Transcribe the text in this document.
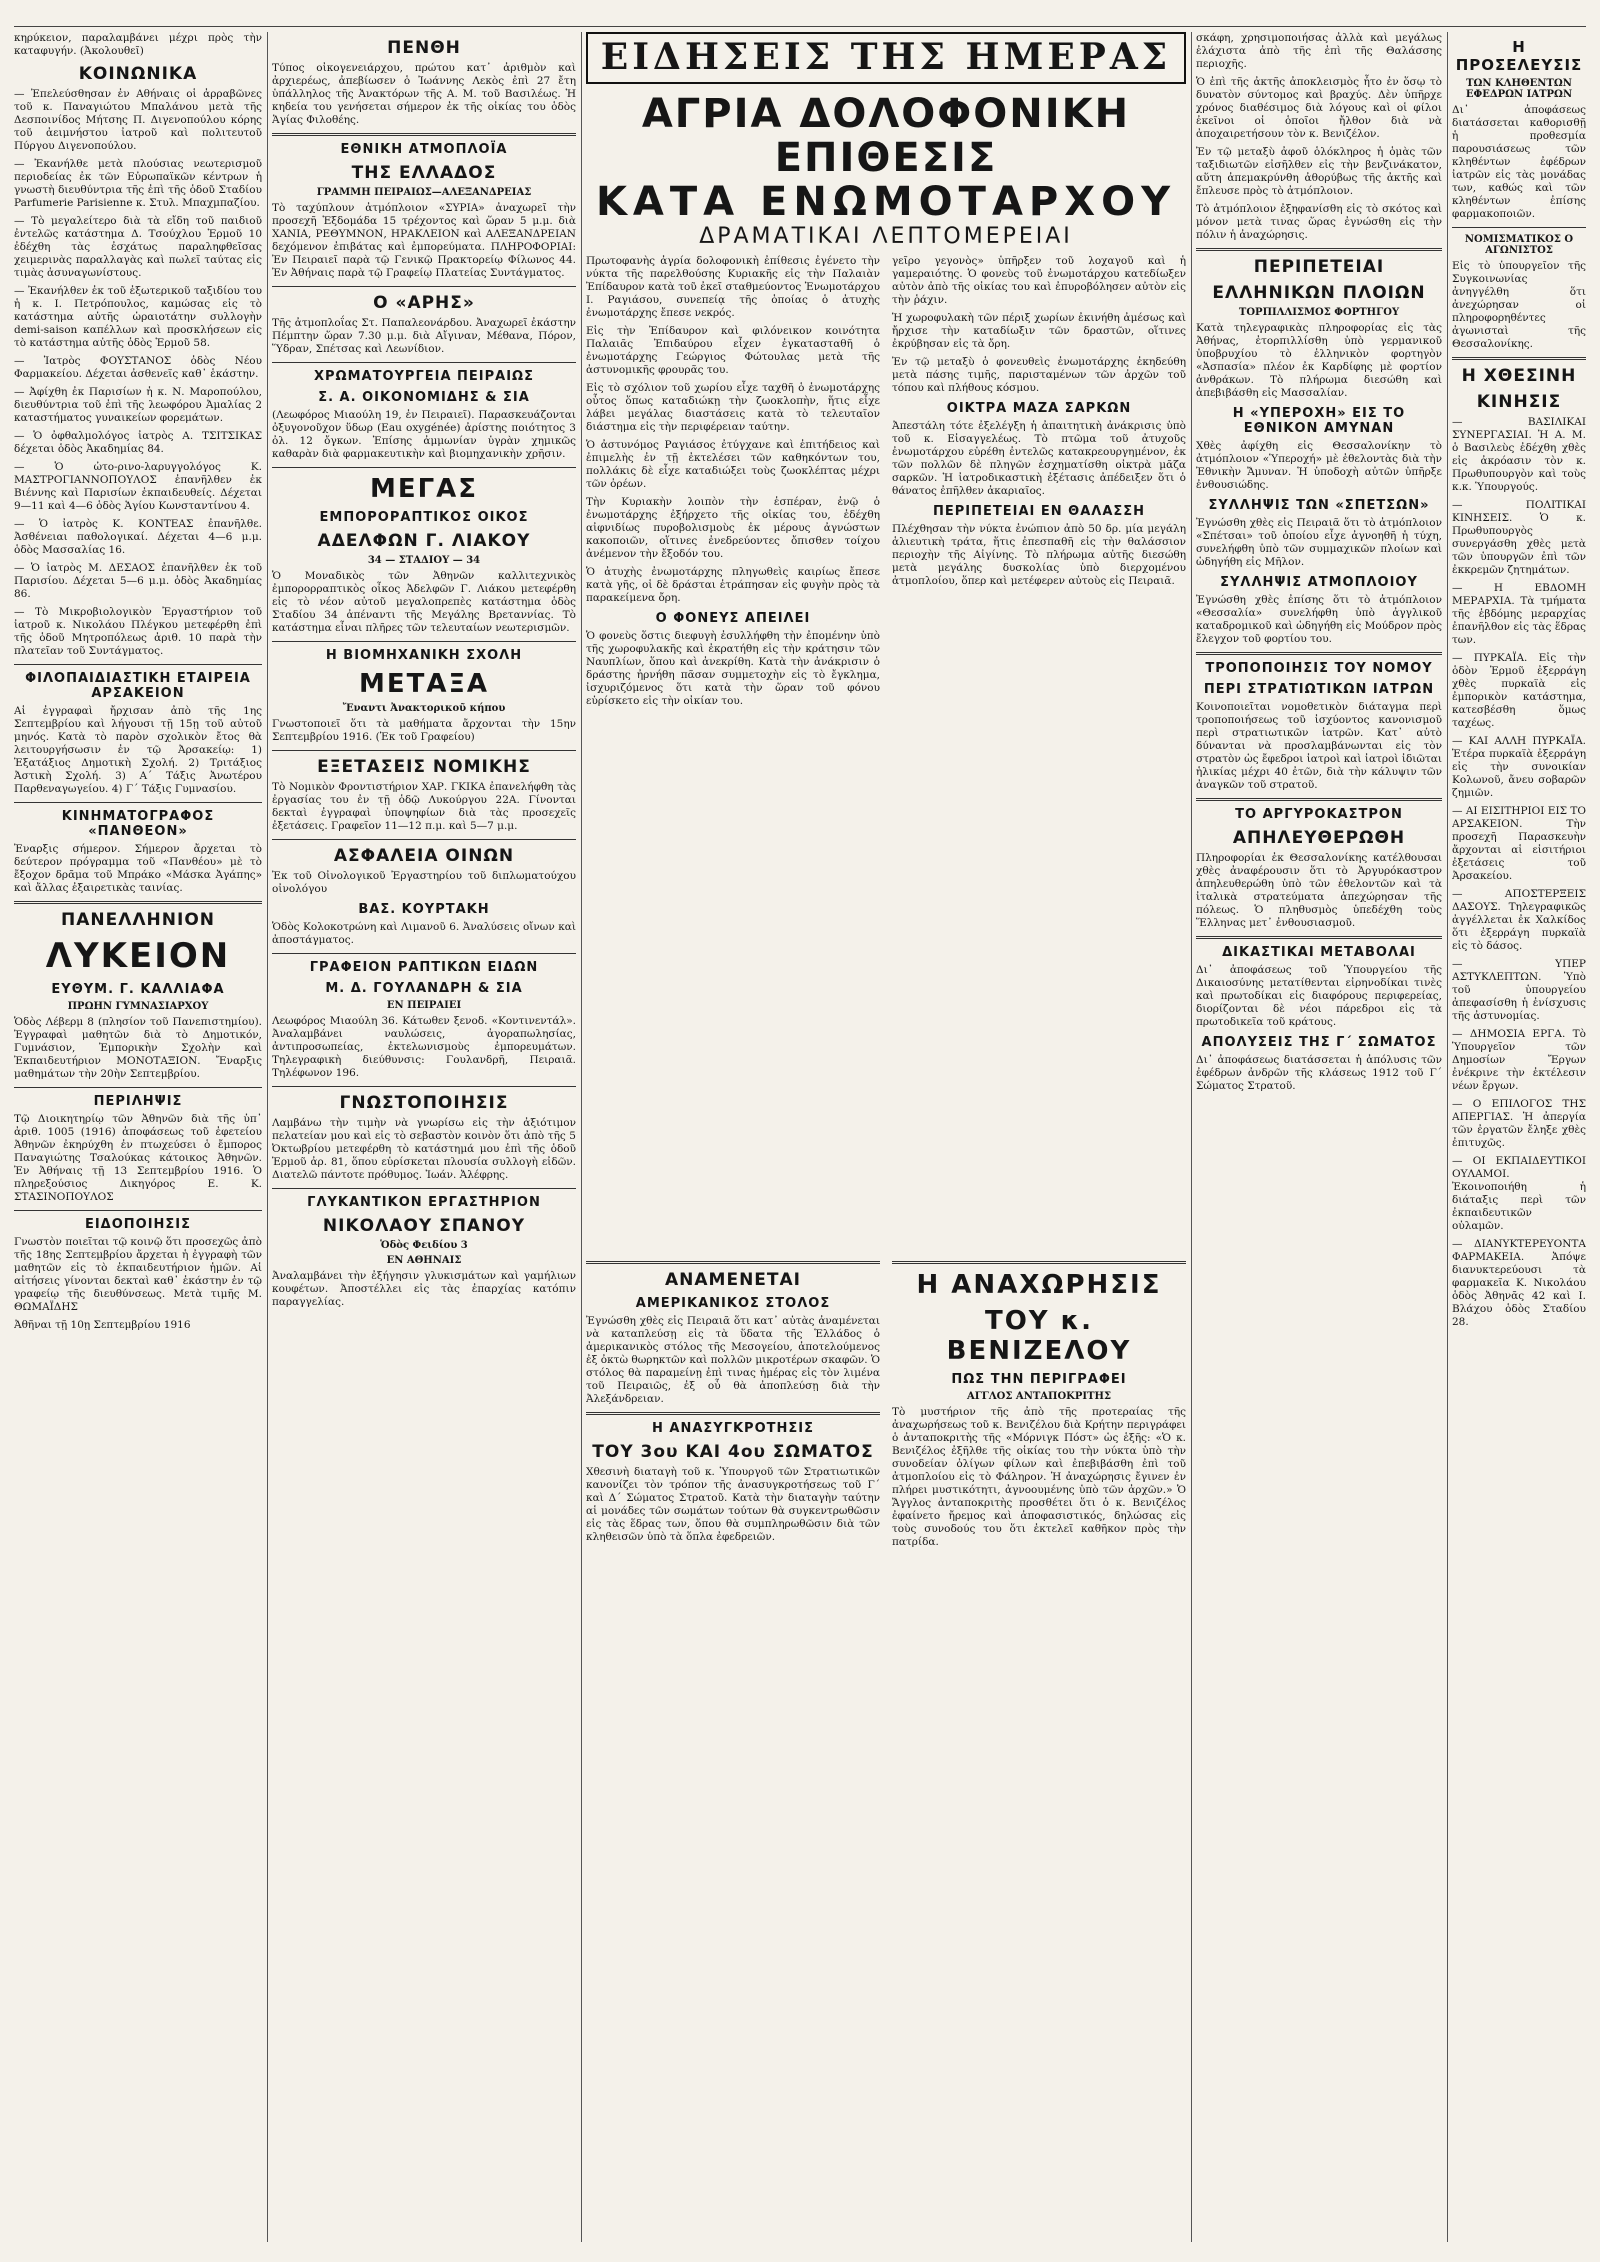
κηρύκειον, παραλαμβάνει μέχρι πρὸς τὴν καταφυγήν. (Ἀκολουθεῖ)

ΚΟΙΝΩΝΙΚΑ

— Ἐπελεύσθησαν ἐν Αθήναις οἱ ἀρραβῶνες τοῦ κ. Παναγιώτου Μπαλάνου μετὰ τῆς Δεσποινίδος Μήτσης Π. Διγενοπούλου κόρης τοῦ ἀειμνήστου ἰατροῦ καὶ πολιτευτοῦ Πύργου Διγενοπούλου.

— Ἐκανήλθε μετὰ πλούσιας νεωτερισμοῦ περιοδείας ἐκ τῶν Εὐρωπαϊκῶν κέντρων ἡ γνωστὴ διευθύντρια τῆς ἐπὶ τῆς ὁδοῦ Σταδίου Parfumerie Parisienne κ. Στυλ. Μπαχμπαζίου.

— Τὸ μεγαλείτερο διὰ τὰ εἴδη τοῦ παιδιοῦ ἐντελῶς κατάστημα Δ. Τσούχλου Ἑρμοῦ 10 ἐδέχθη τὰς ἐσχάτως παραληφθεῖσας χειμερινὰς παραλλαγὰς καὶ πωλεῖ ταύτας εἰς τιμὰς ἀσυναγωνίστους.

— Ἐκανήλθεν ἐκ τοῦ ἐξωτερικοῦ ταξιδίου του ἡ κ. Ι. Πετρόπουλος, καμώσας εἰς τὸ κατάστημα αὐτῆς ὡραιοτάτην συλλογὴν demi-saison καπέλλων καὶ προσκλήσεων εἰς τὸ κατάστημα αὐτῆς ὁδὸς Ἑρμοῦ 58.

— Ἰατρὸς ΦΟΥΣΤΑΝΟΣ ὁδὸς Νέου Φαρμακείου. Δέχεται ἀσθενεῖς καθ᾽ ἑκάστην.

— Ἀφίχθη ἐκ Παρισίων ἡ κ. Ν. Μαροπούλου, διευθύντρια τοῦ ἐπὶ τῆς λεωφόρου Ἀμαλίας 2 καταστήματος γυναικείων φορεμάτων.

— Ὁ ὀφθαλμολόγος ἰατρὸς Α. ΤΣΙΤΣΙΚΑΣ δέχεται ὁδὸς Ἀκαδημίας 84.

— Ὁ ὠτο-ρινο-λαρυγγολόγος Κ. ΜΑΣΤΡΟΓΙΑΝΝΟΠΟΥΛΟΣ ἐπανῆλθεν ἐκ Βιέννης καὶ Παρισίων ἐκπαιδευθείς. Δέχεται 9—11 καὶ 4—6 ὁδὸς Ἁγίου Κωνσταντίνου 4.

— Ὁ ἰατρὸς Κ. ΚΟΝΤΕΑΣ ἐπανῆλθε. Ἀσθένειαι παθολογικαί. Δέχεται 4—6 μ.μ. ὁδὸς Μασσαλίας 16.

— Ὁ ἰατρὸς Μ. ΔΕΣΑΟΣ ἐπανῆλθεν ἐκ τοῦ Παρισίου. Δέχεται 5—6 μ.μ. ὁδὸς Ἀκαδημίας 86.

— Τὸ Μικροβιολογικὸν Ἐργαστήριον τοῦ ἰατροῦ κ. Νικολάου Πλέγκου μετεφέρθη ἐπὶ τῆς ὁδοῦ Μητροπόλεως ἀριθ. 10 παρὰ τὴν πλατεῖαν τοῦ Συντάγματος.

ΦΙΛΟΠΑΙΔΙΑΣΤΙΚΗ ΕΤΑΙΡΕΙΑ ΑΡΣΑΚΕΙΟΝ

Αἱ ἐγγραφαὶ ἤρχισαν ἀπὸ τῆς 1ης Σεπτεμβρίου καὶ λήγουσι τῇ 15ῃ τοῦ αὐτοῦ μηνός. Κατὰ τὸ παρὸν σχολικὸν ἔτος θὰ λειτουργήσωσιν ἐν τῷ Ἀρσακείῳ: 1) Ἑξατάξιος Δημοτικὴ Σχολή. 2) Τριτάξιος Ἀστικὴ Σχολή. 3) Α΄ Τάξις Ἀνωτέρου Παρθεναγωγείου. 4) Γ΄ Τάξις Γυμνασίου.

ΚΙΝΗΜΑΤΟΓΡΑΦΟΣ «ΠΑΝΘΕΟΝ»

Ἐναρξις σήμερον. Σήμερον ἄρχεται τὸ δεύτερον πρόγραμμα τοῦ «Πανθέου» μὲ τὸ ἔξοχον δρᾶμα τοῦ Μπράκο «Μάσκα Ἀγάπης» καὶ ἄλλας ἐξαιρετικὰς ταινίας.

ΠΑΝΕΛΛΗΝΙΟΝ
ΛΥΚΕΙΟΝ
ΕΥΘΥΜ. Γ. ΚΑΛΛΙΑΦΑ
ΠΡΩΗΝ ΓΥΜΝΑΣΙΑΡΧΟΥ

Ὁδὸς Λέβερμ 8 (πλησίον τοῦ Πανεπιστημίου). Ἐγγραφαὶ μαθητῶν διὰ τὸ Δημοτικόν, Γυμνάσιον, Ἐμπορικὴν Σχολὴν καὶ Ἐκπαιδευτήριον ΜΟΝΟΤΑΞΙΟΝ. Ἔναρξις μαθημάτων τὴν 20ὴν Σεπτεμβρίου.

ΠΕΡΙΛΗΨΙΣ

Τῷ Διοικητηρίῳ τῶν Ἀθηνῶν διὰ τῆς ὑπ᾽ ἀριθ. 1005 (1916) ἀποφάσεως τοῦ ἐφετείου Ἀθηνῶν ἐκηρύχθη ἐν πτωχεύσει ὁ ἔμπορος Παναγιώτης Τσαλούκας κάτοικος Ἀθηνῶν. Ἐν Ἀθήναις τῇ 13 Σεπτεμβρίου 1916. Ὁ πληρεξούσιος Δικηγόρος Ε. Κ. ΣΤΑΣΙΝΟΠΟΥΛΟΣ

ΕΙΔΟΠΟΙΗΣΙΣ

Γνωστὸν ποιεῖται τῷ κοινῷ ὅτι προσεχῶς ἀπὸ τῆς 18ης Σεπτεμβρίου ἄρχεται ἡ ἐγγραφὴ τῶν μαθητῶν εἰς τὸ ἐκπαιδευτήριον ἡμῶν. Αἱ αἰτήσεις γίνονται δεκταὶ καθ᾽ ἑκάστην ἐν τῷ γραφείῳ τῆς διευθύνσεως. Μετὰ τιμῆς Μ. ΘΩΜΑΪΔΗΣ

Ἀθῆναι τῇ 10ῃ Σεπτεμβρίου 1916

ΠΕΝΘΗ

Τύπος οἰκογενειάρχου, πρώτου κατ᾽ ἀριθμὸν καὶ ἀρχιερέως, ἀπεβίωσεν ὁ Ἰωάννης Λεκὸς ἐπὶ 27 ἔτη ὑπάλληλος τῆς Ἀνακτόρων τῆς Α. Μ. τοῦ Βασιλέως. Ἡ κηδεία του γενήσεται σήμερον ἐκ τῆς οἰκίας του ὁδὸς Ἁγίας Φιλοθέης.

ΕΘΝΙΚΗ ΑΤΜΟΠΛΟΪΑ
ΤΗΣ ΕΛΛΑΔΟΣ
ΓΡΑΜΜΗ ΠΕΙΡΑΙΩΣ—ΑΛΕΞΑΝΔΡΕΙΑΣ

Τὸ ταχύπλουν ἀτμόπλοιον «ΣΥΡΙΑ» ἀναχωρεῖ τὴν προσεχῆ Ἑξδομάδα 15 τρέχοντος καὶ ὥραν 5 μ.μ. διὰ ΧΑΝΙΑ, ΡΕΘΥΜΝΟΝ, ΗΡΑΚΛΕΙΟΝ καὶ ΑΛΕΞΑΝΔΡΕΙΑΝ δεχόμενον ἐπιβάτας καὶ ἐμπορεύματα. ΠΛΗΡΟΦΟΡΙΑΙ: Ἐν Πειραιεῖ παρὰ τῷ Γενικῷ Πρακτορείῳ Φίλωνος 44. Ἐν Ἀθήναις παρὰ τῷ Γραφείῳ Πλατείας Συντάγματος.

Ο «ΑΡΗΣ»

Τῆς ἀτμοπλοΐας Στ. Παπαλεονάρδου. Ἀναχωρεῖ ἐκάστην Πέμπτην ὥραν 7.30 μ.μ. διὰ Αἴγιναν, Μέθανα, Πόρον, Ὕδραν, Σπέτσας καὶ Λεωνίδιον.

ΧΡΩΜΑΤΟΥΡΓΕΙΑ ΠΕΙΡΑΙΩΣ
Σ. Α. ΟΙΚΟΝΟΜΙΔΗΣ & ΣΙΑ

(Λεωφόρος Μιαούλη 19, ἐν Πειραιεῖ). Παρασκευάζονται ὀξυγονοῦχον ὕδωρ (Eau oxygénée) ἀρίστης ποιότητος 3 ὀλ. 12 ὄγκων. Ἐπίσης ἀμμωνίαν ὑγρὰν χημικῶς καθαρὰν διὰ φαρμακευτικὴν καὶ βιομηχανικὴν χρῆσιν.

ΜΕΓΑΣ
ΕΜΠΟΡΟΡΑΠΤΙΚΟΣ ΟΙΚΟΣ
ΑΔΕΛΦΩΝ Γ. ΛΙΑΚΟΥ
34 — ΣΤΑΔΙΟΥ — 34

Ὁ Μοναδικὸς τῶν Ἀθηνῶν καλλιτεχνικὸς ἐμπορορραπτικὸς οἶκος Ἀδελφῶν Γ. Λιάκου μετεφέρθη εἰς τὸ νέον αὐτοῦ μεγαλοπρεπὲς κατάστημα ὁδὸς Σταδίου 34 ἀπέναντι τῆς Μεγάλης Βρεταννίας. Τὸ κατάστημα εἶναι πλῆρες τῶν τελευταίων νεωτερισμῶν.

Η ΒΙΟΜΗΧΑΝΙΚΗ ΣΧΟΛΗ
ΜΕΤΑΞΑ
Ἔναντι Ἀνακτορικοῦ κήπου

Γνωστοποιεῖ ὅτι τὰ μαθήματα ἄρχονται τὴν 15ην Σεπτεμβρίου 1916. (Ἐκ τοῦ Γραφείου)

ΕΞΕΤΑΣΕΙΣ ΝΟΜΙΚΗΣ

Τὸ Νομικὸν Φροντιστήριον ΧΑΡ. ΓΚΙΚΑ ἐπανελήφθη τὰς ἐργασίας του ἐν τῇ ὁδῷ Λυκούργου 22Α. Γίνονται δεκταὶ ἐγγραφαὶ ὑποψηφίων διὰ τὰς προσεχεῖς ἐξετάσεις. Γραφεῖον 11—12 π.μ. καὶ 5—7 μ.μ.

ΑΣΦΑΛΕΙΑ ΟΙΝΩΝ

Ἐκ τοῦ Οἰνολογικοῦ Ἐργαστηρίου τοῦ διπλωματούχου οἰνολόγου

ΒΑΣ. ΚΟΥΡΤΑΚΗ

Ὁδὸς Κολοκοτρώνη καὶ Λιμανοῦ 6. Ἀναλύσεις οἴνων καὶ ἀποστάγματος.

ΓΡΑΦΕΙΟΝ ΡΑΠΤΙΚΩΝ ΕΙΔΩΝ
Μ. Δ. ΓΟΥΛΑΝΔΡΗ & ΣΙΑ
ΕΝ ΠΕΙΡΑΙΕΙ

Λεωφόρος Μιαούλη 36. Κάτωθεν ξενοδ. «Κοντινεντάλ». Ἀναλαμβάνει ναυλώσεις, ἀγοραπωλησίας, ἀντιπροσωπείας, ἐκτελωνισμοὺς ἐμπορευμάτων. Τηλεγραφικὴ διεύθυνσις: Γουλανδρῆ, Πειραιᾶ. Τηλέφωνον 196.

ΓΝΩΣΤΟΠΟΙΗΣΙΣ

Λαμβάνω τὴν τιμὴν νὰ γνωρίσω εἰς τὴν ἀξιότιμον πελατείαν μου καὶ εἰς τὸ σεβαστὸν κοινὸν ὅτι ἀπὸ τῆς 5 Ὀκτωβρίου μετεφέρθη τὸ κατάστημά μου ἐπὶ τῆς ὁδοῦ Ἑρμοῦ ἀρ. 81, ὅπου εὑρίσκεται πλουσία συλλογὴ εἰδῶν. Διατελῶ πάντοτε πρόθυμος. Ἰωάν. Ἀλέφρης.

ΓΛΥΚΑΝΤΙΚΟΝ ΕΡΓΑΣΤΗΡΙΟΝ
ΝΙΚΟΛΑΟΥ ΣΠΑΝΟΥ
Ὁδὸς Φειδίου 3
ΕΝ ΑΘΗΝΑΙΣ

Ἀναλαμβάνει τὴν ἐξήγησιν γλυκισμάτων καὶ γαμήλιων κουφέτων. Ἀποστέλλει εἰς τὰς ἐπαρχίας κατόπιν παραγγελίας.

ΕΙΔΗΣΕΙΣ ΤΗΣ ΗΜΕΡΑΣ
ΑΓΡΙΑ ΔΟΛΟΦΟΝΙΚΗ ΕΠΙΘΕΣΙΣ
ΚΑΤΑ ΕΝΩΜΟΤΑΡΧΟΥ
ΔΡΑΜΑΤΙΚΑΙ ΛΕΠΤΟΜΕΡΕΙΑΙ

Πρωτοφανὴς ἀγρία δολοφονικὴ ἐπίθεσις ἐγένετο τὴν νύκτα τῆς παρελθούσης Κυριακῆς εἰς τὴν Παλαιὰν Ἐπίδαυρον κατὰ τοῦ ἐκεῖ σταθμεύοντος Ἐνωμοτάρχου Ι. Ραγιάσου, συνεπείᾳ τῆς ὁποίας ὁ ἀτυχὴς ἐνωμοτάρχης ἔπεσε νεκρός.

Εἰς τὴν Ἐπίδαυρον καὶ φιλόνεικον κοινότητα Παλαιᾶς Ἐπιδαύρου εἶχεν ἐγκατασταθῆ ὁ ἐνωμοτάρχης Γεώργιος Φώτουλας μετὰ τῆς ἀστυνομικῆς φρουρᾶς του.

Εἰς τὸ σχόλιον τοῦ χωρίου εἶχε ταχθῆ ὁ ἐνωμοτάρχης οὗτος ὅπως καταδιώκῃ τὴν ζωοκλοπὴν, ἥτις εἶχε λάβει μεγάλας διαστάσεις κατὰ τὸ τελευταῖον διάστημα εἰς τὴν περιφέρειαν ταύτην.

Ὁ ἀστυνόμος Ραγιάσος ἐτύγχανε καὶ ἐπιτήδειος καὶ ἐπιμελὴς ἐν τῇ ἐκτελέσει τῶν καθηκόντων του, πολλάκις δὲ εἶχε καταδιώξει τοὺς ζωοκλέπτας μέχρι τῶν ὀρέων.

Τὴν Κυριακὴν λοιπὸν τὴν ἑσπέραν, ἐνῷ ὁ ἐνωμοτάρχης ἐξήρχετο τῆς οἰκίας του, ἐδέχθη αἰφνιδίως πυροβολισμοὺς ἐκ μέρους ἀγνώστων κακοποιῶν, οἵτινες ἐνεδρεύοντες ὄπισθεν τοίχου ἀνέμενον τὴν ἔξοδόν του.

Ὁ ἀτυχὴς ἐνωμοτάρχης πληγωθεὶς καιρίως ἔπεσε κατὰ γῆς, οἱ δὲ δράσται ἐτράπησαν εἰς φυγὴν πρὸς τὰ παρακείμενα ὄρη.

Ο ΦΟΝΕΥΣ ΑΠΕΙΛΕΙ

Ὁ φονεὺς ὅστις διεφυγὴ ἐσυλλήφθη τὴν ἐπομένην ὑπὸ τῆς χωροφυλακῆς καὶ ἐκρατήθη εἰς τὴν κράτησιν τῶν Ναυπλίων, ὅπου καὶ ἀνεκρίθη. Κατὰ τὴν ἀνάκρισιν ὁ δράστης ἠρνήθη πᾶσαν συμμετοχὴν εἰς τὸ ἔγκλημα, ἰσχυριζόμενος ὅτι κατὰ τὴν ὥραν τοῦ φόνου εὑρίσκετο εἰς τὴν οἰκίαν του.

γεῖρο γεγονὸς» ὑπῆρξεν τοῦ λοχαγοῦ καὶ ἡ γαμεραιότης. Ὁ φονεὺς τοῦ ἐνωμοτάρχου κατεδίωξεν αὐτὸν ἀπὸ τῆς οἰκίας του καὶ ἐπυροβόλησεν αὐτὸν εἰς τὴν ῥάχιν.

Ἡ χωροφυλακὴ τῶν πέριξ χωρίων ἐκινήθη ἀμέσως καὶ ἤρχισε τὴν καταδίωξιν τῶν δραστῶν, οἵτινες ἐκρύβησαν εἰς τὰ ὄρη.

Ἐν τῷ μεταξὺ ὁ φονευθεὶς ἐνωμοτάρχης ἐκηδεύθη μετὰ πάσης τιμῆς, παρισταμένων τῶν ἀρχῶν τοῦ τόπου καὶ πλήθους κόσμου.

ΟΙΚΤΡΑ ΜΑΖΑ ΣΑΡΚΩΝ

Ἀπεστάλη τότε ἐξελέγξη ἡ ἀπαιτητικὴ ἀνάκρισις ὑπὸ τοῦ κ. Εἰσαγγελέως. Τὸ πτῶμα τοῦ ἀτυχοῦς ἐνωμοτάρχου εὑρέθη ἐντελῶς κατακρεουργημένον, ἐκ τῶν πολλῶν δὲ πληγῶν ἐσχηματίσθη οἰκτρὰ μᾶζα σαρκῶν. Ἡ ἰατροδικαστικὴ ἐξέτασις ἀπέδειξεν ὅτι ὁ θάνατος ἐπῆλθεν ἀκαριαῖος.

ΠΕΡΙΠΕΤΕΙΑΙ ΕΝ ΘΑΛΑΣΣΗ

Πλέχθησαν τὴν νύκτα ἐνώπιον ἀπὸ 50 δρ. μία μεγάλη ἁλιευτικὴ τράτα, ἥτις ἐπεσπαθῆ εἰς τὴν θαλάσσιον περιοχὴν τῆς Αἰγίνης. Τὸ πλήρωμα αὐτῆς διεσώθη μετὰ μεγάλης δυσκολίας ὑπὸ διερχομένου ἀτμοπλοίου, ὅπερ καὶ μετέφερεν αὐτοὺς εἰς Πειραιᾶ.

ΑΝΑΜΕΝΕΤΑΙ
ΑΜΕΡΙΚΑΝΙΚΟΣ ΣΤΟΛΟΣ

Ἐγνώσθη χθὲς εἰς Πειραιᾶ ὅτι κατ᾽ αὐτὰς ἀναμένεται νὰ καταπλεύσῃ εἰς τὰ ὕδατα τῆς Ἑλλάδος ὁ ἀμερικανικὸς στόλος τῆς Μεσογείου, ἀποτελούμενος ἐξ ὀκτὼ θωρηκτῶν καὶ πολλῶν μικροτέρων σκαφῶν. Ὁ στόλος θὰ παραμείνῃ ἐπὶ τινας ἡμέρας εἰς τὸν λιμένα τοῦ Πειραιῶς, ἐξ οὗ θὰ ἀποπλεύσῃ διὰ τὴν Ἀλεξάνδρειαν.

Η ΑΝΑΣΥΓΚΡΟΤΗΣΙΣ
ΤΟΥ 3ου ΚΑΙ 4ου ΣΩΜΑΤΟΣ

Χθεσινὴ διαταγὴ τοῦ κ. Ὑπουργοῦ τῶν Στρατιωτικῶν κανονίζει τὸν τρόπον τῆς ἀνασυγκροτήσεως τοῦ Γ΄ καὶ Δ΄ Σώματος Στρατοῦ. Κατὰ τὴν διαταγὴν ταύτην αἱ μονάδες τῶν σωμάτων τούτων θὰ συγκεντρωθῶσιν εἰς τὰς ἕδρας των, ὅπου θὰ συμπληρωθῶσιν διὰ τῶν κληθεισῶν ὑπὸ τὰ ὅπλα ἐφεδρειῶν.

Η ΑΝΑΧΩΡΗΣΙΣ
ΤΟΥ κ. ΒΕΝΙΖΕΛΟΥ
ΠΩΣ ΤΗΝ ΠΕΡΙΓΡΑΦΕΙ
ΑΓΓΛΟΣ ΑΝΤΑΠΟΚΡΙΤΗΣ

Τὸ μυστήριον τῆς ἀπὸ τῆς προτεραίας τῆς ἀναχωρήσεως τοῦ κ. Βενιζέλου διὰ Κρήτην περιγράφει ὁ ἀνταποκριτὴς τῆς «Μόρνιγκ Πόστ» ὡς ἑξῆς: «Ὁ κ. Βενιζέλος ἐξῆλθε τῆς οἰκίας του τὴν νύκτα ὑπὸ τὴν συνοδείαν ὀλίγων φίλων καὶ ἐπεβιβάσθη ἐπὶ τοῦ ἀτμοπλοίου εἰς τὸ Φάληρον. Ἡ ἀναχώρησις ἔγινεν ἐν πλήρει μυστικότητι, ἀγνοουμένης ὑπὸ τῶν ἀρχῶν.» Ὁ Ἄγγλος ἀνταποκριτὴς προσθέτει ὅτι ὁ κ. Βενιζέλος ἐφαίνετο ἤρεμος καὶ ἀποφασιστικός, δηλώσας εἰς τοὺς συνοδούς του ὅτι ἐκτελεῖ καθῆκον πρὸς τὴν πατρίδα.

σκάφη, χρησιμοποιήσας ἀλλὰ καὶ μεγάλως ἐλάχιστα ἀπὸ τῆς ἐπὶ τῆς Θαλάσσης περιοχῆς.

Ὁ ἐπὶ τῆς ἀκτῆς ἀποκλεισμὸς ἦτο ἐν ὅσῳ τὸ δυνατὸν σύντομος καὶ βραχύς. Δὲν ὑπῆρχε χρόνος διαθέσιμος διὰ λόγους καὶ οἱ φίλοι ἐκεῖνοι οἱ ὁποῖοι ἤλθον διὰ νὰ ἀποχαιρετήσουν τὸν κ. Βενιζέλον.

Ἐν τῷ μεταξὺ ἀφοῦ ὁλόκληρος ἡ ὁμὰς τῶν ταξιδιωτῶν εἰσῆλθεν εἰς τὴν βενζινάκατον, αὕτη ἀπεμακρύνθη ἀθορύβως τῆς ἀκτῆς καὶ ἔπλευσε πρὸς τὸ ἀτμόπλοιον.

Τὸ ἀτμόπλοιον ἐξηφανίσθη εἰς τὸ σκότος καὶ μόνον μετὰ τινας ὥρας ἐγνώσθη εἰς τὴν πόλιν ἡ ἀναχώρησις.

ΠΕΡΙΠΕΤΕΙΑΙ
ΕΛΛΗΝΙΚΩΝ ΠΛΟΙΩΝ
ΤΟΡΠΙΛΛΙΣΜΟΣ ΦΟΡΤΗΓΟΥ

Κατὰ τηλεγραφικὰς πληροφορίας εἰς τὰς Ἀθήνας, ἐτορπιλλίσθη ὑπὸ γερμανικοῦ ὑποβρυχίου τὸ ἑλληνικὸν φορτηγὸν «Ἀσπασία» πλέον ἐκ Καρδίφης μὲ φορτίον ἀνθράκων. Τὸ πλήρωμα διεσώθη καὶ ἀπεβιβάσθη εἰς Μασσαλίαν.

Η «ΥΠΕΡΟΧΗ» ΕΙΣ ΤΟ ΕΘΝΙΚΟΝ ΑΜΥΝΑΝ

Χθὲς ἀφίχθη εἰς Θεσσαλονίκην τὸ ἀτμόπλοιον «Ὑπεροχή» μὲ ἐθελοντὰς διὰ τὴν Ἐθνικὴν Ἄμυναν. Ἡ ὑποδοχὴ αὐτῶν ὑπῆρξε ἐνθουσιώδης.

ΣΥΛΛΗΨΙΣ ΤΩΝ «ΣΠΕΤΣΩΝ»

Ἐγνώσθη χθὲς εἰς Πειραιᾶ ὅτι τὸ ἀτμόπλοιον «Σπέτσαι» τοῦ ὁποίου εἶχε ἀγνοηθῆ ἡ τύχη, συνελήφθη ὑπὸ τῶν συμμαχικῶν πλοίων καὶ ὡδηγήθη εἰς Μῆλον.

ΣΥΛΛΗΨΙΣ ΑΤΜΟΠΛΟΙΟΥ

Ἐγνώσθη χθὲς ἐπίσης ὅτι τὸ ἀτμόπλοιον «Θεσσαλία» συνελήφθη ὑπὸ ἀγγλικοῦ καταδρομικοῦ καὶ ὡδηγήθη εἰς Μούδρον πρὸς ἔλεγχον τοῦ φορτίου του.

ΤΡΟΠΟΠΟΙΗΣΙΣ ΤΟΥ ΝΟΜΟΥ
ΠΕΡΙ ΣΤΡΑΤΙΩΤΙΚΩΝ ΙΑΤΡΩΝ

Κοινοποιεῖται νομοθετικὸν διάταγμα περὶ τροποποιήσεως τοῦ ἰσχύοντος κανονισμοῦ περὶ στρατιωτικῶν ἰατρῶν. Κατ᾽ αὐτὸ δύνανται νὰ προσλαμβάνωνται εἰς τὸν στρατὸν ὡς ἔφεδροι ἰατροὶ καὶ ἰατροὶ ἰδιῶται ἡλικίας μέχρι 40 ἐτῶν, διὰ τὴν κάλυψιν τῶν ἀναγκῶν τοῦ στρατοῦ.

ΤΟ ΑΡΓΥΡΟΚΑΣΤΡΟΝ
ΑΠΗΛΕΥΘΕΡΩΘΗ

Πληροφορίαι ἐκ Θεσσαλονίκης κατέλθουσαι χθὲς ἀναφέρουσιν ὅτι τὸ Ἀργυρόκαστρον ἀπηλευθερώθη ὑπὸ τῶν ἐθελοντῶν καὶ τὰ ἰταλικὰ στρατεύματα ἀπεχώρησαν τῆς πόλεως. Ὁ πληθυσμὸς ὑπεδέχθη τοὺς Ἕλληνας μετ᾽ ἐνθουσιασμοῦ.

ΔΙΚΑΣΤΙΚΑΙ ΜΕΤΑΒΟΛΑΙ

Δι᾽ ἀποφάσεως τοῦ Ὑπουργείου τῆς Δικαιοσύνης μετατίθενται εἰρηνοδίκαι τινὲς καὶ πρωτοδίκαι εἰς διαφόρους περιφερείας, διορίζονται δὲ νέοι πάρεδροι εἰς τὰ πρωτοδικεῖα τοῦ κράτους.

ΑΠΟΛΥΣΕΙΣ ΤΗΣ Γ΄ ΣΩΜΑΤΟΣ

Δι᾽ ἀποφάσεως διατάσσεται ἡ ἀπόλυσις τῶν ἐφέδρων ἀνδρῶν τῆς κλάσεως 1912 τοῦ Γ΄ Σώματος Στρατοῦ.

Η ΠΡΟΣΕΛΕΥΣΙΣ
ΤΩΝ ΚΛΗΘΕΝΤΩΝ ΕΦΕΔΡΩΝ ΙΑΤΡΩΝ

Δι᾽ ἀποφάσεως διατάσσεται καθορισθῇ ἡ προθεσμία παρουσιάσεως τῶν κληθέντων ἐφέδρων ἰατρῶν εἰς τὰς μονάδας των, καθώς καὶ τῶν κληθέντων ἐπίσης φαρμακοποιῶν.

ΝΟΜΙΣΜΑΤΙΚΟΣ Ο ΑΓΩΝΙΣΤΟΣ

Εἰς τὸ ὑπουργεῖον τῆς Συγκοινωνίας ἀνηγγέλθη ὅτι ἀνεχώρησαν οἱ πληροφορηθέντες ἀγωνισταὶ τῆς Θεσσαλονίκης.

Η ΧΘΕΣΙΝΗ
ΚΙΝΗΣΙΣ

— ΒΑΣΙΛΙΚΑΙ ΣΥΝΕΡΓΑΣΙΑΙ. Ἡ Α. Μ. ὁ Βασιλεὺς ἐδέχθη χθὲς εἰς ἀκρόασιν τὸν κ. Πρωθυπουργὸν καὶ τοὺς κ.κ. Ὑπουργούς.

— ΠΟΛΙΤΙΚΑΙ ΚΙΝΗΣΕΙΣ. Ὁ κ. Πρωθυπουργὸς συνεργάσθη χθὲς μετὰ τῶν ὑπουργῶν ἐπὶ τῶν ἐκκρεμῶν ζητημάτων.

— Η ΕΒΔΟΜΗ ΜΕΡΑΡΧΙΑ. Τὰ τμήματα τῆς ἑβδόμης μεραρχίας ἐπανῆλθον εἰς τὰς ἕδρας των.

— ΠΥΡΚΑΪΑ. Εἰς τὴν ὁδὸν Ἑρμοῦ ἐξερράγη χθὲς πυρκαϊὰ εἰς ἐμπορικὸν κατάστημα, κατεσβέσθη ὅμως ταχέως.

— ΚΑΙ ΑΛΛΗ ΠΥΡΚΑΪΑ. Ἑτέρα πυρκαϊὰ ἐξερράγη εἰς τὴν συνοικίαν Κολωνοῦ, ἄνευ σοβαρῶν ζημιῶν.

— ΑΙ ΕΙΣΙΤΗΡΙΟΙ ΕΙΣ ΤΟ ΑΡΣΑΚΕΙΟΝ. Τὴν προσεχῆ Παρασκευὴν ἄρχονται αἱ εἰσιτήριοι ἐξετάσεις τοῦ Ἀρσακείου.

— ΑΠΟΣΤΕΡΞΕΙΣ ΔΑΣΟΥΣ. Τηλεγραφικῶς ἀγγέλλεται ἐκ Χαλκίδος ὅτι ἐξερράγη πυρκαϊὰ εἰς τὸ δάσος.

— ΥΠΕΡ ΑΣΤΥΚΛΕΠΤΩΝ. Ὑπὸ τοῦ ὑπουργείου ἀπεφασίσθη ἡ ἐνίσχυσις τῆς ἀστυνομίας.

— ΔΗΜΟΣΙΑ ΕΡΓΑ. Τὸ Ὑπουργεῖον τῶν Δημοσίων Ἔργων ἐνέκρινε τὴν ἐκτέλεσιν νέων ἔργων.

— Ο ΕΠΙΛΟΓΟΣ ΤΗΣ ΑΠΕΡΓΙΑΣ. Ἡ ἀπεργία τῶν ἐργατῶν ἔληξε χθὲς ἐπιτυχῶς.

— ΟΙ ΕΚΠΑΙΔΕΥΤΙΚΟΙ ΟΥΛΑΜΟΙ. Ἐκοινοποιήθη ἡ διάταξις περὶ τῶν ἐκπαιδευτικῶν οὐλαμῶν.

— ΔΙΑΝΥΚΤΕΡΕΥΟΝΤΑ ΦΑΡΜΑΚΕΙΑ. Ἀπόψε διανυκτερεύουσι τὰ φαρμακεῖα Κ. Νικολάου ὁδὸς Ἀθηνᾶς 42 καὶ Ι. Βλάχου ὁδὸς Σταδίου 28.
